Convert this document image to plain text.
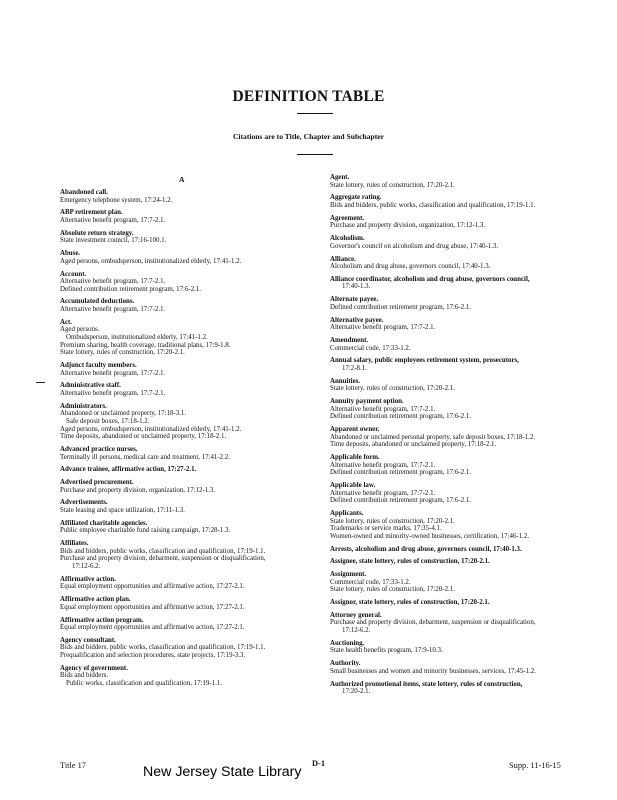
DEFINITION TABLE
Citations are to Title, Chapter and Subchapter
A
Abandoned call.
Emergency telephone system, 17:24-1.2.
ABP retirement plan.
Alternative benefit program, 17:7-2.1.
Absolute return strategy.
State investment council, 17:16-100.1.
Abuse.
Aged persons, ombudsperson, institutionalized elderly, 17:41-1.2.
Account.
Alternative benefit program, 17:7-2.1.
Defined contribution retirement program, 17:6-2.1.
Accumulated deductions.
Alternative benefit program, 17:7-2.1.
Act.
Aged persons.
Ombudsperson, institutionalized elderly, 17:41-1.2.
Premium sharing, health coverage, traditional plans, 17:9-1.8.
State lottery, rules of construction, 17:20-2.1.
Adjunct faculty members.
Alternative benefit program, 17:7-2.1.
Administrative staff.
Alternative benefit program, 17:7-2.1.
Administrators.
Abandoned or unclaimed property, 17:18-3.1.
Safe deposit boxes, 17:18-1.2.
Aged persons, ombudsperson, institutionalized elderly, 17:41-1.2.
Time deposits, abandoned or unclaimed property, 17:18-2.1.
Advanced practice nurses.
Terminally ill persons, medical care and treatment, 17:41-2.2.
Advance trainee, affirmative action, 17:27-2.1.
Advertised procurement.
Purchase and property division, organization, 17:12-1.3.
Advertisements.
State leasing and space utilization, 17:11-1.3.
Affiliated charitable agencies.
Public employee charitable fund raising campaign, 17:28-1.3.
Affiliates.
Bids and bidders, public works, classification and qualification, 17:19-1.1.
Purchase and property division, debarment, suspension or disqualification,
17:12-6.2.
Affirmative action.
Equal employment opportunities and affirmative action, 17:27-2.1.
Affirmative action plan.
Equal employment opportunities and affirmative action, 17:27-2.1.
Affirmative action program.
Equal employment opportunities and affirmative action, 17:27-2.1.
Agency consultant.
Bids and bidders, public works, classification and qualification, 17:19-1.1.
Prequalification and selection procedures, state projects, 17:19-3.3.
Agency of government.
Bids and bidders.
Public works, classification and qualification, 17:19-1.1.
Agent.
State lottery, rules of construction, 17:20-2.1.
Aggregate rating.
Bids and bidders, public works, classification and qualification, 17:19-1.1.
Agreement.
Purchase and property division, organization, 17:12-1.3.
Alcoholism.
Governor's council on alcoholism and drug abuse, 17:40-1.3.
Alliance.
Alcoholism and drug abuse, governors council, 17:40-1.3.
Alliance coordinator, alcoholism and drug abuse, governors council,
17:40-1.3.
Alternate payee.
Defined contribution retirement program, 17:6-2.1.
Alternative payee.
Alternative benefit program, 17:7-2.1.
Amendment.
Commercial code, 17:33-1.2.
Annual salary, public employees retirement system, prosecutors,
17:2-8.1.
Annuities.
State lottery, rules of construction, 17:20-2.1.
Annuity payment option.
Alternative benefit program, 17:7-2.1.
Defined contribution retirement program, 17:6-2.1.
Apparent owner.
Abandoned or unclaimed personal property, safe deposit boxes, 17:18-1.2.
Time deposits, abandoned or unclaimed property, 17:18-2.1.
Applicable form.
Alternative benefit program, 17:7-2.1.
Defined contribution retirement program, 17:6-2.1.
Applicable law.
Alternative benefit program, 17:7-2.1.
Defined contribution retirement program, 17:6-2.1.
Applicants.
State lottery, rules of construction, 17:20-2.1.
Trademarks or service marks, 17:35-4.1.
Women-owned and minority-owned businesses, certification, 17:46-1.2.
Arrests, alcoholism and drug abuse, governors council, 17:40-1.3.
Assignee, state lottery, rules of construction, 17:20-2.1.
Assignment.
Commercial code, 17:33-1.2.
State lottery, rules of construction, 17:20-2.1.
Assignor, state lottery, rules of construction, 17:20-2.1.
Attorney general.
Purchase and property division, debarment, suspension or disqualification,
17:12-6.2.
Auctioning.
State health benefits program, 17:9-10.3.
Authority.
Small businesses and women and minority businesses, services, 17:45-1.2.
Authorized promotional items, state lottery, rules of construction,
17:20-2.1.
Title 17	New Jersey State Library
D-1	Supp. 11-16-15
